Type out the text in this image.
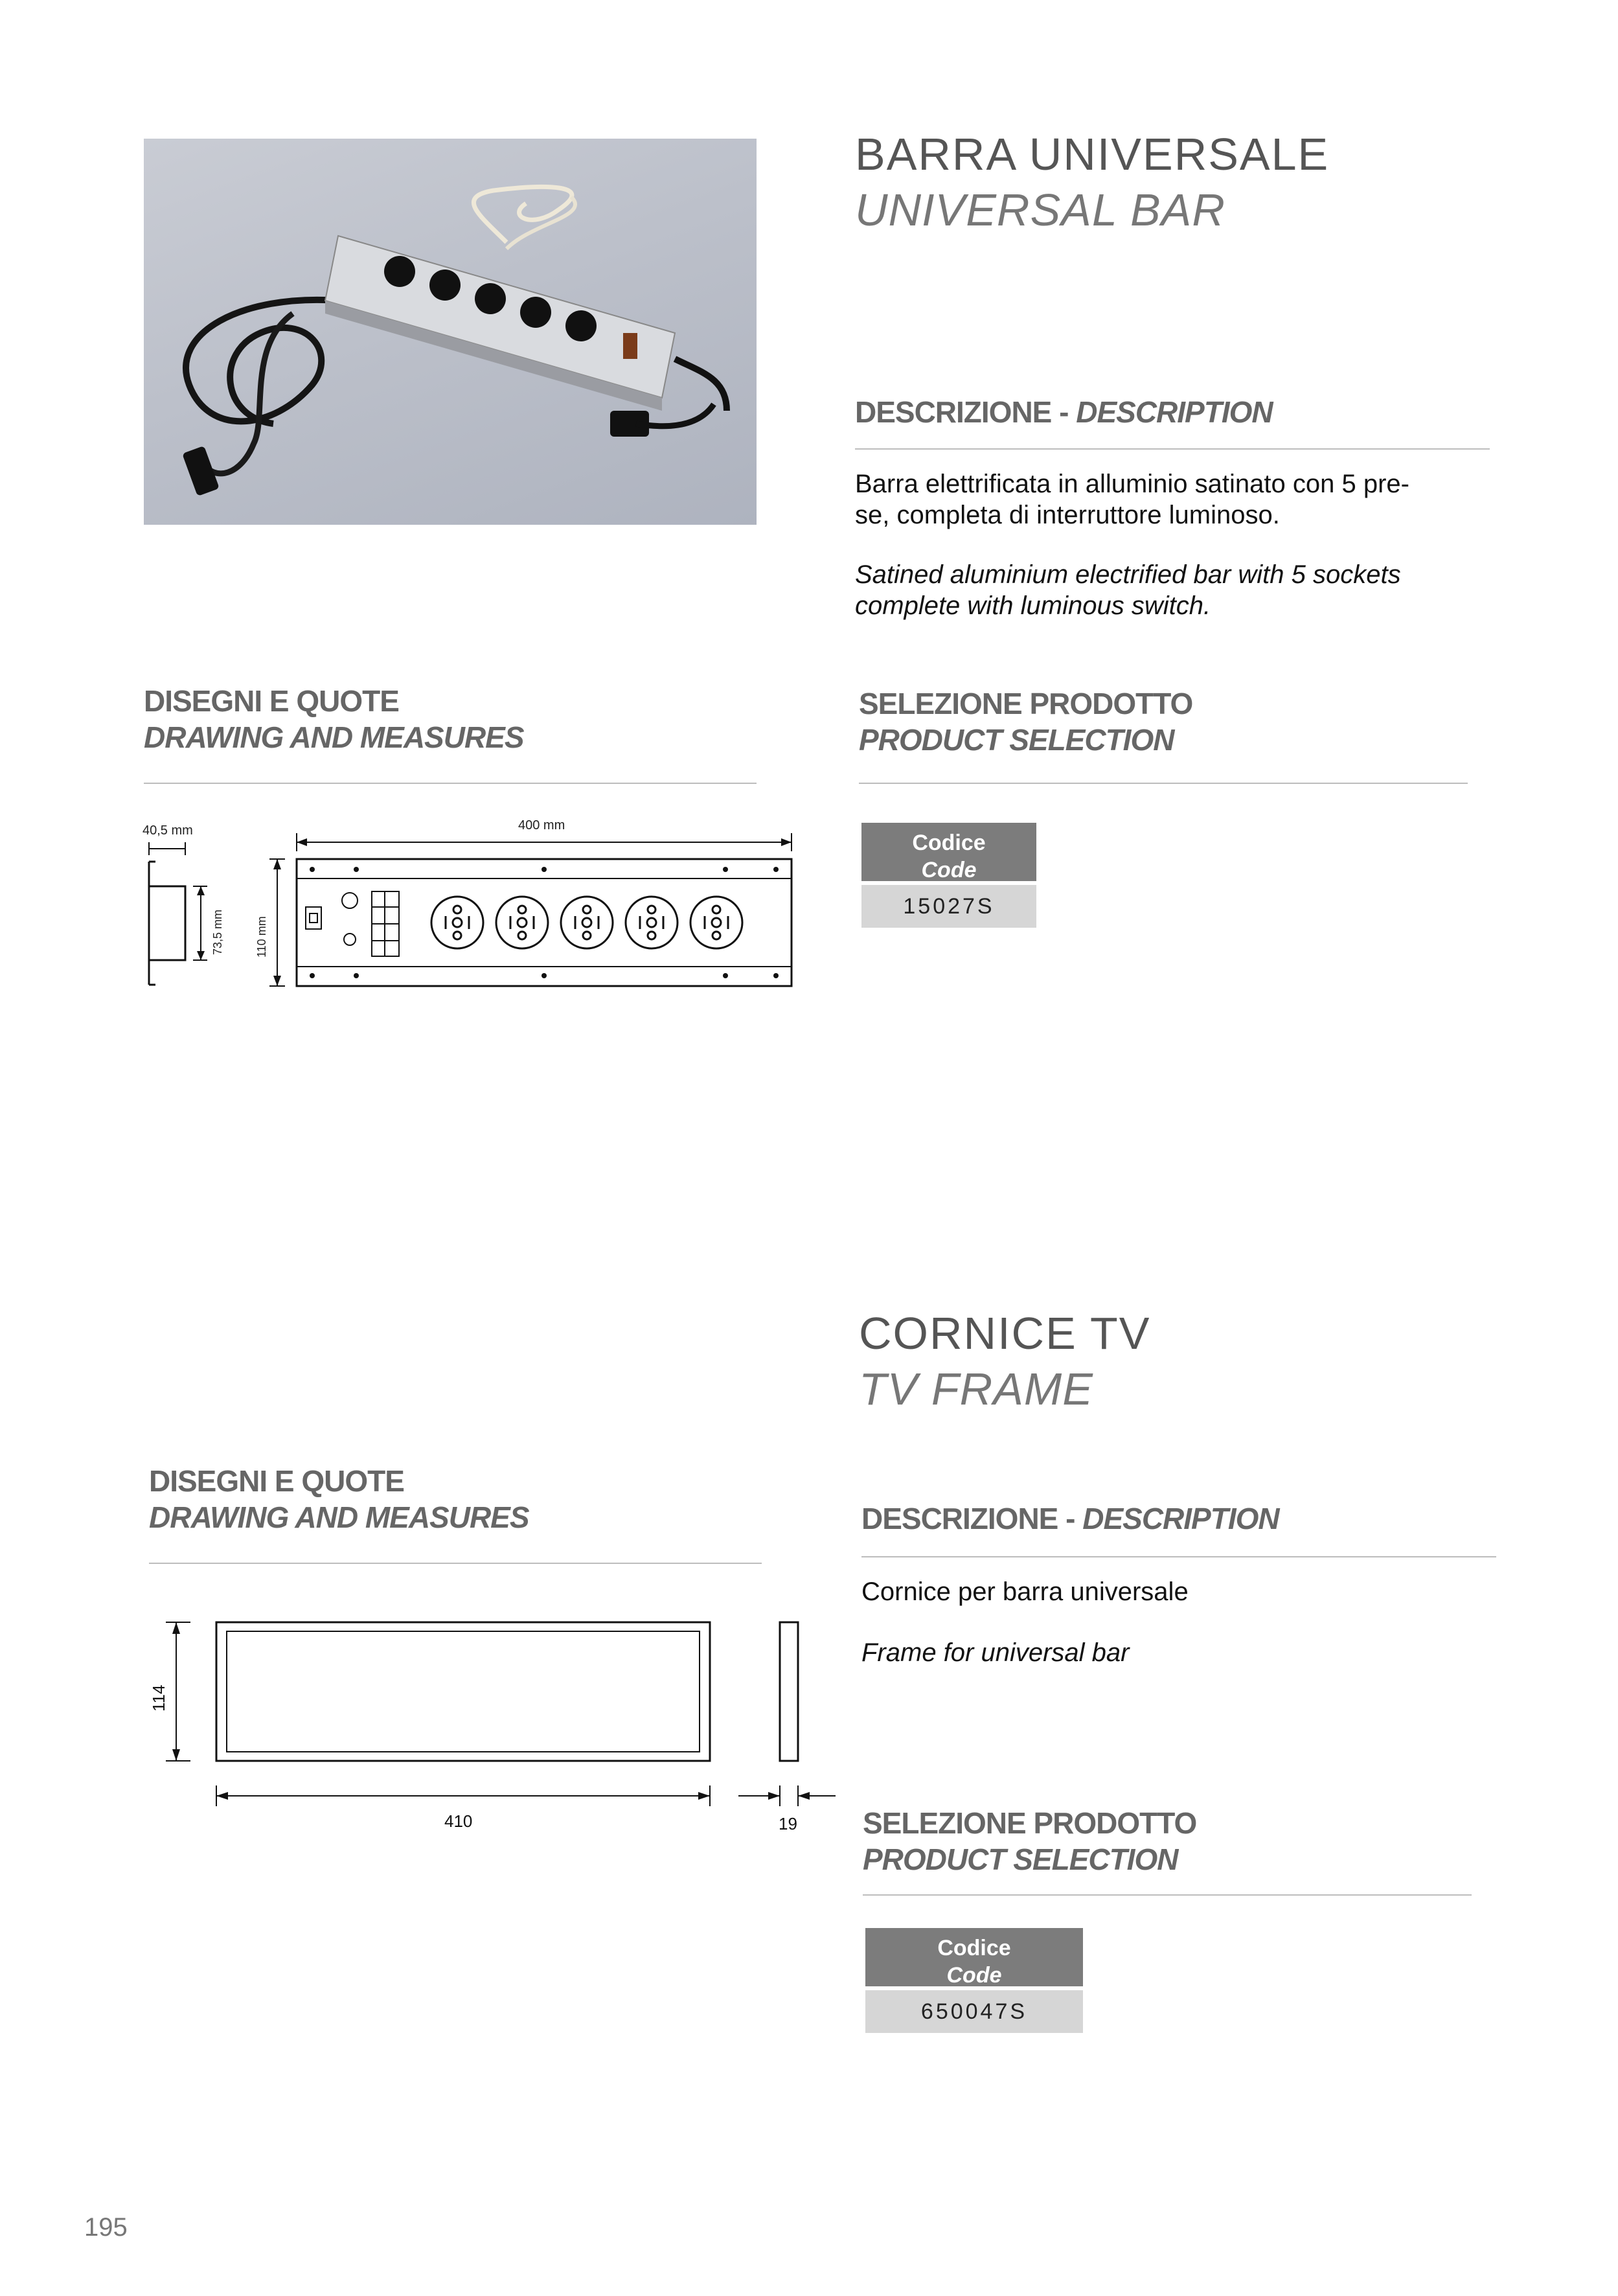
BARRA UNIVERSALE
UNIVERSAL BAR
DESCRIZIONE - DESCRIPTION
Barra elettrificata in alluminio satinato con 5 pre-
se, completa di interruttore luminoso.
Satined aluminium electrified bar with 5 sockets
complete with luminous switch.
DISEGNI E QUOTE
DRAWING AND MEASURES
SELEZIONE PRODOTTO
PRODUCT SELECTION
Codice
Code
15027S
40,5 mm	400 mm
73,5 mm	110 mm
CORNICE TV
TV FRAME
DISEGNI E QUOTE
DRAWING AND MEASURES	DESCRIZIONE - DESCRIPTION
Cornice per barra universale
Frame for universal bar
SELEZIONE PRODOTTO
PRODUCT SELECTION
Codice
Code
650047S
114
410	19
195
